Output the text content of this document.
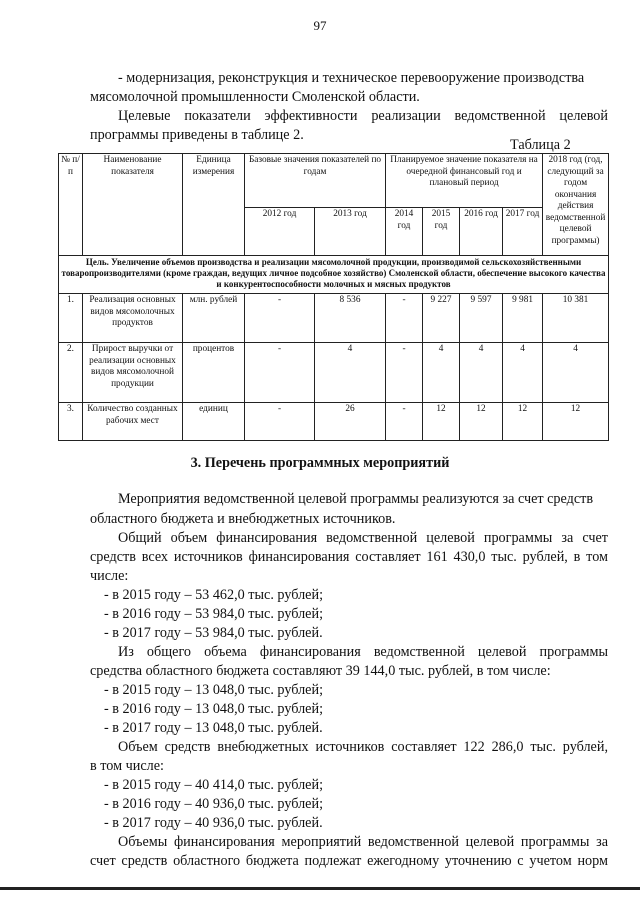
97
- модернизация, реконструкция и техническое перевооружение производства
мясомолочной промышленности Смоленской области.
Целевые показатели эффективности реализации ведомственной целевой
программы приведены в таблице 2.
Таблица 2
№ п/п	Наименование показателя	Единица измерения	Базовые значения показателей по годам		Планируемое значение показателя на очередной финансовый год и плановый период				2018 год (год, следующий за годом окончания действия ведомственной целевой программы)
			2012 год	2013 год	2014 год	2015 год	2016 год	2017 год	
Цель. Увеличение объемов производства и реализации мясомолочной продукции, производимой сельскохозяйственными товаропроизводителями (кроме граждан, ведущих личное подсобное хозяйство) Смоленской области, обеспечение высокого качества и конкурентоспособности молочных и мясных продуктов									
1.	Реализация основных видов мясомолочных продуктов	млн. рублей	-	8 536	-	9 227	9 597	9 981	10 381
2.	Прирост выручки от реализации основных видов мясомолочной продукции	процентов	-	4	-	4	4	4	4
3.	Количество созданных рабочих мест	единиц	-	26	-	12	12	12	12
3. Перечень программных мероприятий
Мероприятия ведомственной целевой программы реализуются за счет средств
областного бюджета и внебюджетных источников.
Общий объем финансирования ведомственной целевой программы за счет
средств всех источников финансирования составляет 161 430,0 тыс. рублей, в том
числе:
- в 2015 году – 53 462,0 тыс. рублей;
- в 2016 году – 53 984,0 тыс. рублей;
- в 2017 году – 53 984,0 тыс. рублей.
Из общего объема финансирования ведомственной целевой программы
средства областного бюджета составляют 39 144,0 тыс. рублей, в том числе:
- в 2015 году – 13 048,0 тыс. рублей;
- в 2016 году – 13 048,0 тыс. рублей;
- в 2017 году – 13 048,0 тыс. рублей.
Объем средств внебюджетных источников составляет 122 286,0 тыс. рублей,
в том числе:
- в 2015 году – 40 414,0 тыс. рублей;
- в 2016 году – 40 936,0 тыс. рублей;
- в 2017 году – 40 936,0 тыс. рублей.
Объемы финансирования мероприятий ведомственной целевой программы за
счет средств областного бюджета подлежат ежегодному уточнению с учетом норм
